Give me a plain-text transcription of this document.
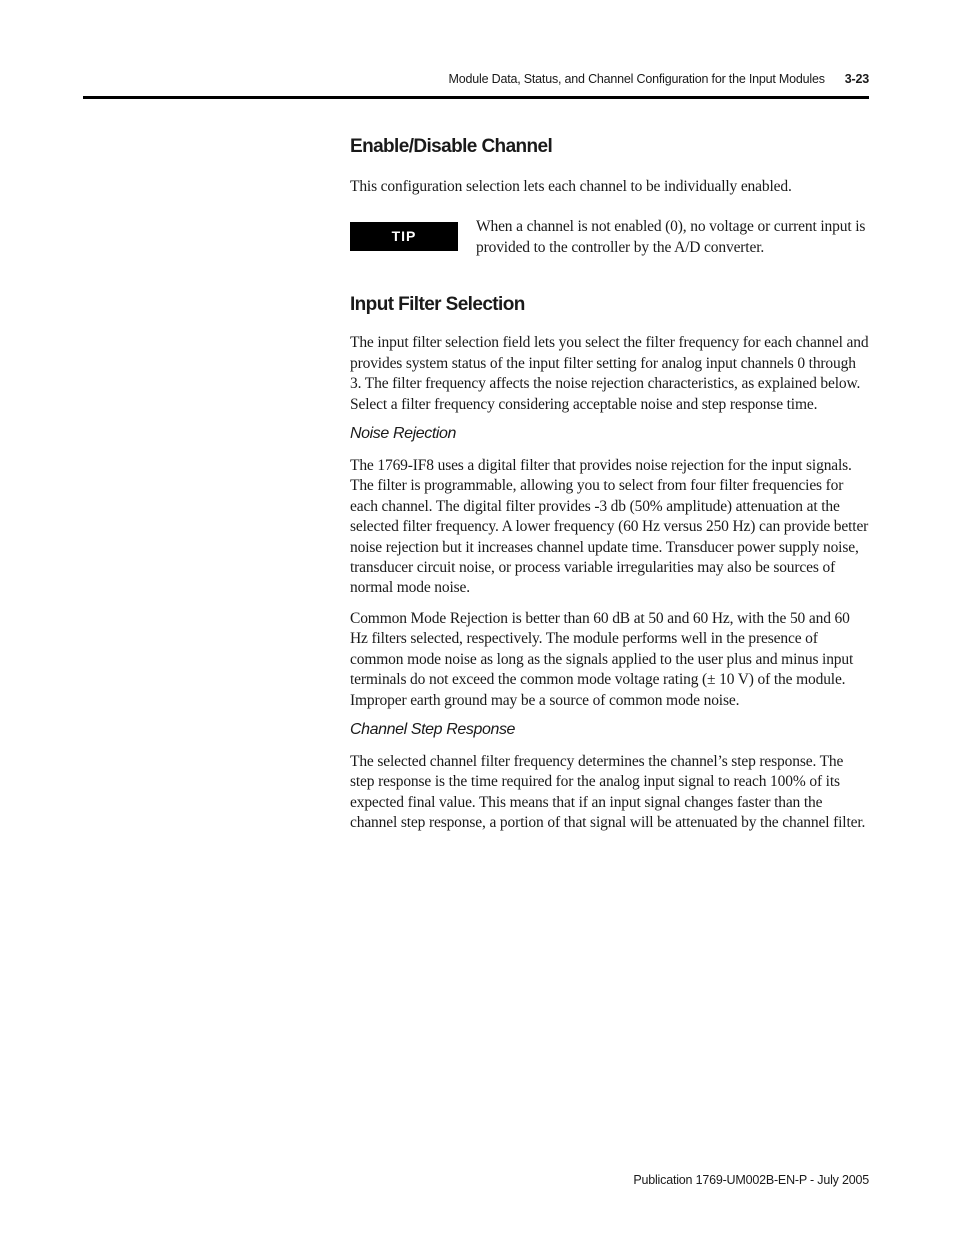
Module Data, Status, and Channel Configuration for the Input Modules 3-23
Enable/Disable Channel

This configuration selection lets each channel to be individually enabled.

TIP

When a channel is not enabled (0), no voltage or current input is provided to the controller by the A/D converter.

Input Filter Selection

The input filter selection field lets you select the filter frequency for each channel and provides system status of the input filter setting for analog input channels 0 through 3. The filter frequency affects the noise rejection characteristics, as explained below. Select a filter frequency considering acceptable noise and step response time.

Noise Rejection

The 1769-IF8 uses a digital filter that provides noise rejection for the input signals. The filter is programmable, allowing you to select from four filter frequencies for each channel. The digital filter provides -3 db (50% amplitude) attenuation at the selected filter frequency. A lower frequency (60 Hz versus 250 Hz) can provide better noise rejection but it increases channel update time. Transducer power supply noise, transducer circuit noise, or process variable irregularities may also be sources of normal mode noise.

Common Mode Rejection is better than 60 dB at 50 and 60 Hz, with the 50 and 60 Hz filters selected, respectively. The module performs well in the presence of common mode noise as long as the signals applied to the user plus and minus input terminals do not exceed the common mode voltage rating (± 10 V) of the module. Improper earth ground may be a source of common mode noise.

Channel Step Response

The selected channel filter frequency determines the channel’s step response. The step response is the time required for the analog input signal to reach 100% of its expected final value. This means that if an input signal changes faster than the channel step response, a portion of that signal will be attenuated by the channel filter.

Publication 1769-UM002B-EN-P - July 2005
